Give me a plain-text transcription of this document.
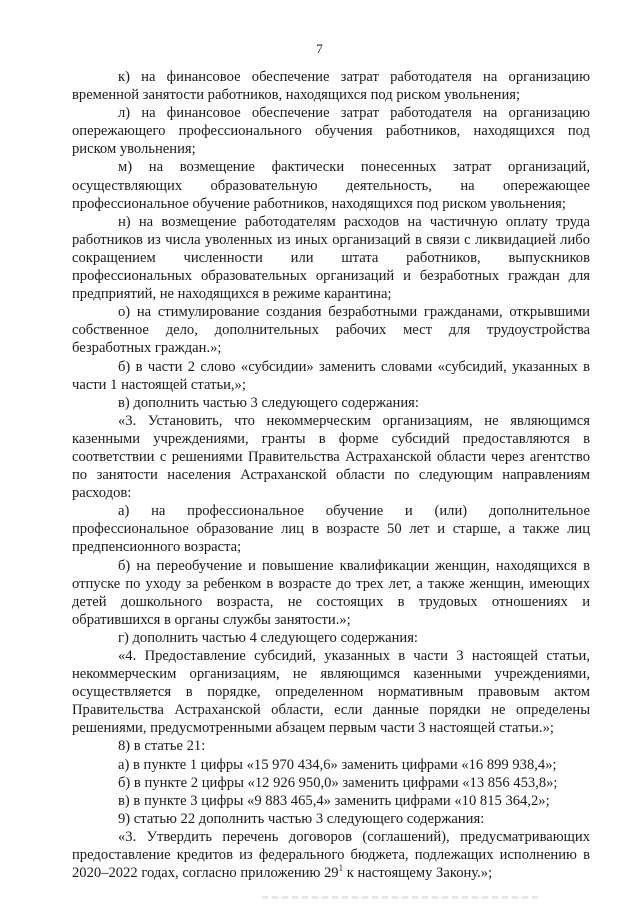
7

к) на финансовое обеспечение затрат работодателя на организацию временной занятости работников, находящихся под риском увольнения;

л) на финансовое обеспечение затрат работодателя на организацию опережающего профессионального обучения работников, находящихся под риском увольнения;

м) на возмещение фактически понесенных затрат организаций, осуществляющих образовательную деятельность, на опережающее профессиональное обучение работников, находящихся под риском увольнения;

н) на возмещение работодателям расходов на частичную оплату труда работников из числа уволенных из иных организаций в связи с ликвидацией либо сокращением численности или штата работников, выпускников профессиональных образовательных организаций и безработных граждан для предприятий, не находящихся в режиме карантина;

о) на стимулирование создания безработными гражданами, открывшими собственное дело, дополнительных рабочих мест для трудоустройства безработных граждан.»;

б) в части 2 слово «субсидии» заменить словами «субсидий, указанных в части 1 настоящей статьи,»;

в) дополнить частью 3 следующего содержания:

«3. Установить, что некоммерческим организациям, не являющимся казенными учреждениями, гранты в форме субсидий предоставляются в соответствии с решениями Правительства Астраханской области через агентство по занятости населения Астраханской области по следующим направлениям расходов:

а) на профессиональное обучение и (или) дополнительное профессиональное образование лиц в возрасте 50 лет и старше, а также лиц предпенсионного возраста;

б) на переобучение и повышение квалификации женщин, находящихся в отпуске по уходу за ребенком в возрасте до трех лет, а также женщин, имеющих детей дошкольного возраста, не состоящих в трудовых отношениях и обратившихся в органы службы занятости.»;

г) дополнить частью 4 следующего содержания:

«4. Предоставление субсидий, указанных в части 3 настоящей статьи, некоммерческим организациям, не являющимся казенными учреждениями, осуществляется в порядке, определенном нормативным правовым актом Правительства Астраханской области, если данные порядки не определены решениями, предусмотренными абзацем первым части 3 настоящей статьи.»;

8) в статье 21:

а) в пункте 1 цифры «15 970 434,6» заменить цифрами «16 899 938,4»;

б) в пункте 2 цифры «12 926 950,0» заменить цифрами «13 856 453,8»;

в) в пункте 3 цифры «9 883 465,4» заменить цифрами «10 815 364,2»;

9) статью 22 дополнить частью 3 следующего содержания:

«3. Утвердить перечень договоров (соглашений), предусматривающих предоставление кредитов из федерального бюджета, подлежащих исполнению в 2020–2022 годах, согласно приложению $29^1$ к настоящему Закону.»;
